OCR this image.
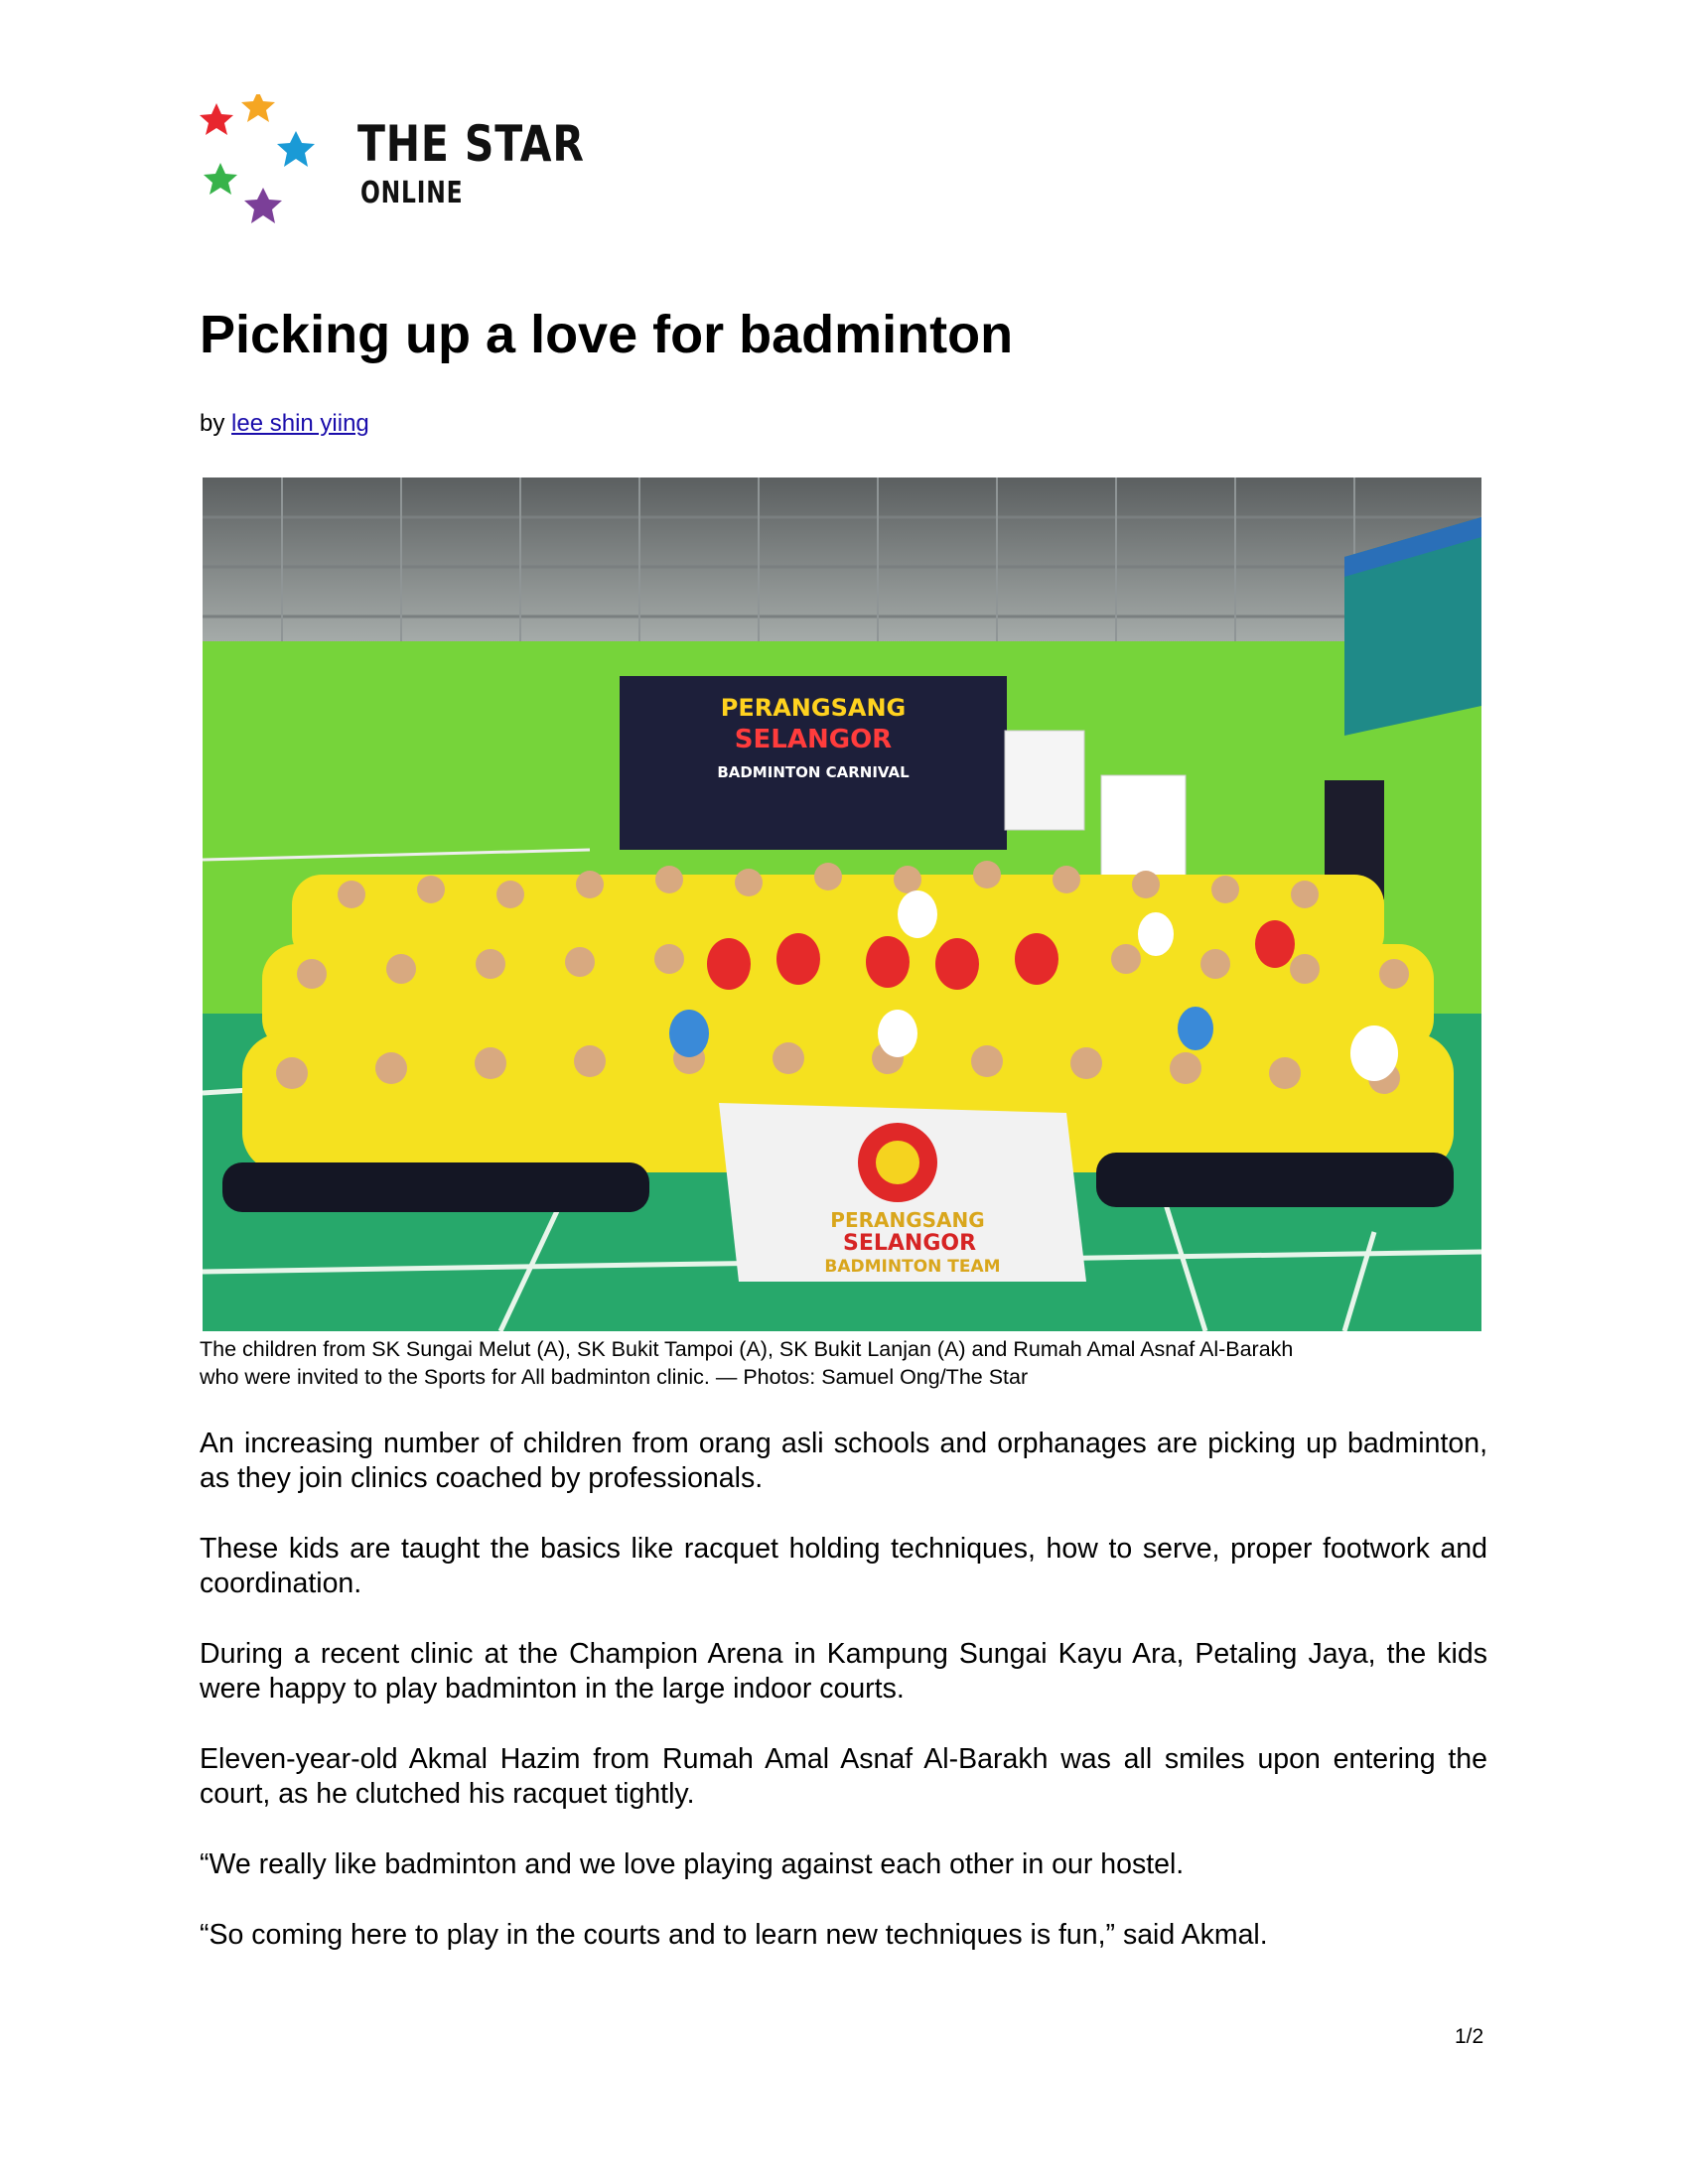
THE STAR
ONLINE
Picking up a love for badminton
by lee shin yiing
PERANGSANG
SELANGOR
BADMINTON CARNIVAL
PERANGSANG
SELANGOR
BADMINTON TEAM
The children from SK Sungai Melut (A), SK Bukit Tampoi (A), SK Bukit Lanjan (A) and Rumah Amal Asnaf Al-Barakh
who were invited to the Sports for All badminton clinic. — Photos: Samuel Ong/The Star

An increasing number of children from orang asli schools and orphanages are picking up badminton, as they join clinics coached by professionals.

These kids are taught the basics like racquet holding techniques, how to serve, proper footwork and coordination.

During a recent clinic at the Champion Arena in Kampung Sungai Kayu Ara, Petaling Jaya, the kids were happy to play badminton in the large indoor courts.

Eleven-year-old Akmal Hazim from Rumah Amal Asnaf Al-Barakh was all smiles upon entering the court, as he clutched his racquet tightly.

“We really like badminton and we love playing against each other in our hostel.

“So coming here to play in the courts and to learn new techniques is fun,” said Akmal.

1/2
